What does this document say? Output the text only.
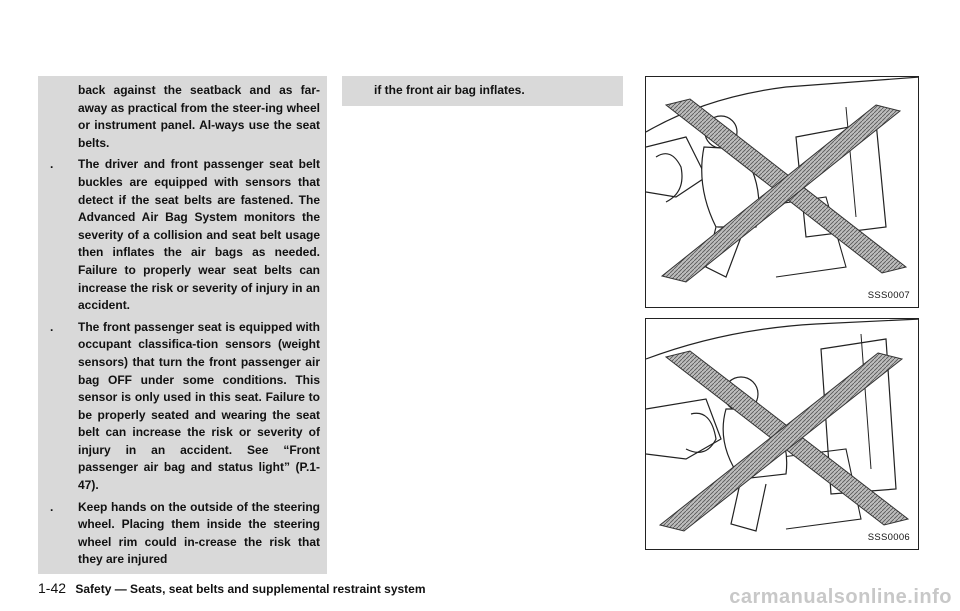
back against the seatback and as far-away as practical from the steer-ing wheel or instrument panel. Al-ways use the seat belts.

. The driver and front passenger seat belt buckles are equipped with sensors that detect if the seat belts are fastened. The Advanced Air Bag System monitors the severity of a collision and seat belt usage then inflates the air bags as needed. Failure to properly wear seat belts can increase the risk or severity of injury in an accident.
. The front passenger seat is equipped with occupant classifica-tion sensors (weight sensors) that turn the front passenger air bag OFF under some conditions. This sensor is only used in this seat. Failure to be properly seated and wearing the seat belt can increase the risk or severity of injury in an accident. See “Front passenger air bag and status light” (P.1-47).
. Keep hands on the outside of the steering wheel. Placing them inside the steering wheel rim could in-crease the risk that they are injured
if the front air bag inflates.
SSS0007
SSS0006
1-42 Safety — Seats, seat belts and supplemental restraint system	carmanualsonline.info
